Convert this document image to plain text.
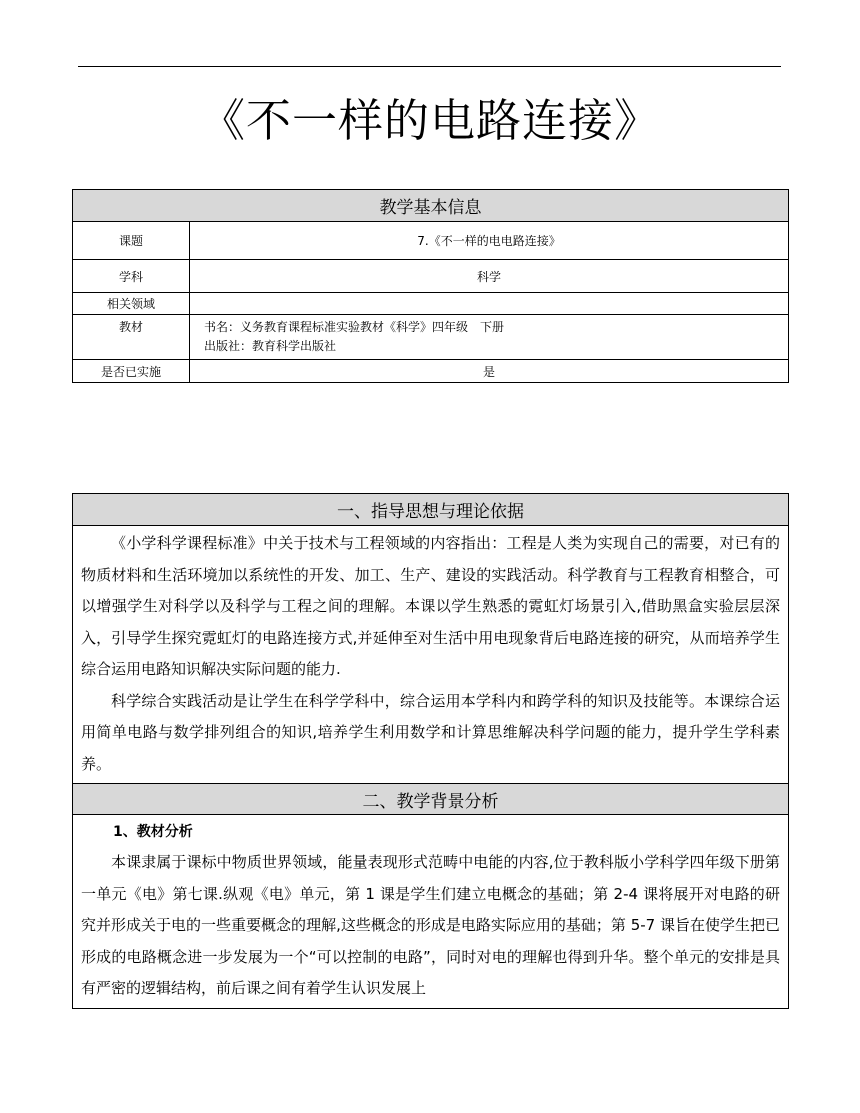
《不一样的电路连接》
教学基本信息	
课题	7.《不一样的电电路连接》
学科	科学
相关领域	
教材	书名：义务教育课程标准实验教材《科学》四年级　下册
出版社：教育科学出版社

是否已实施	是
一、指导思想与理论依据

《小学科学课程标准》中关于技术与工程领域的内容指出：工程是人类为实现自己的需要，对已有的物质材料和生活环境加以系统性的开发、加工、生产、建设的实践活动。科学教育与工程教育相整合，可以增强学生对科学以及科学与工程之间的理解。本课以学生熟悉的霓虹灯场景引入,借助黑盒实验层层深入，引导学生探究霓虹灯的电路连接方式,并延伸至对生活中用电现象背后电路连接的研究，从而培养学生综合运用电路知识解决实际问题的能力.

科学综合实践活动是让学生在科学学科中，综合运用本学科内和跨学科的知识及技能等。本课综合运用简单电路与数学排列组合的知识,培养学生利用数学和计算思维解决科学问题的能力，提升学生学科素养。

二、教学背景分析

1、教材分析

本课隶属于课标中物质世界领域，能量表现形式范畴中电能的内容,位于教科版小学科学四年级下册第一单元《电》第七课.纵观《电》单元，第 1 课是学生们建立电概念的基础；第 2-4 课将展开对电路的研究并形成关于电的一些重要概念的理解,这些概念的形成是电路实际应用的基础；第 5-7 课旨在使学生把已形成的电路概念进一步发展为一个“可以控制的电路”，同时对电的理解也得到升华。整个单元的安排是具有严密的逻辑结构，前后课之间有着学生认识发展上
